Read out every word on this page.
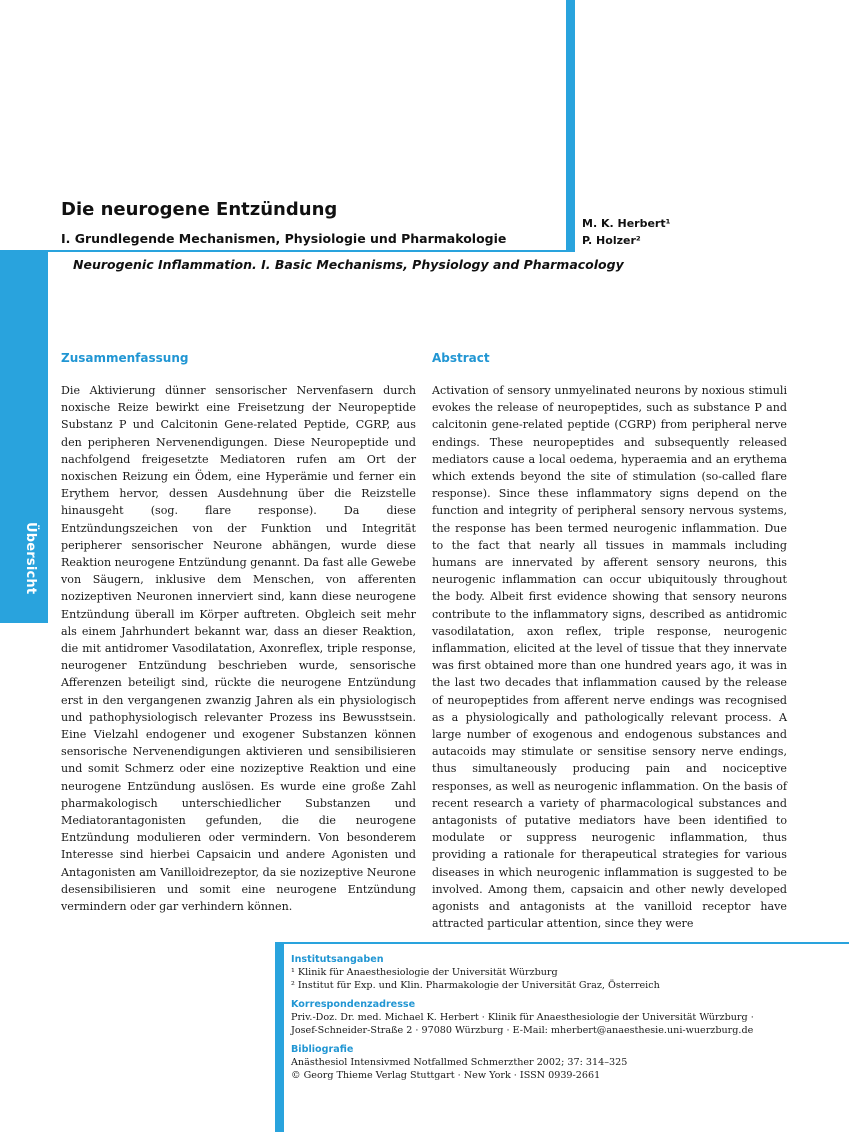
Übersicht
314
Die neurogene Entzündung
I. Grundlegende Mechanismen, Physiologie und Pharmakologie
Neurogenic Inflammation. I. Basic Mechanisms, Physiology and Pharmacology
M. K. Herbert¹
P. Holzer²
Zusammenfassung

Die Aktivierung dünner sensorischer Nervenfasern durch noxische Reize bewirkt eine Freisetzung der Neuropeptide Substanz P und Calcitonin Gene-related Peptide, CGRP, aus den peripheren Nervenendigungen. Diese Neuropeptide und nachfolgend freigesetzte Mediatoren rufen am Ort der noxischen Reizung ein Ödem, eine Hyperämie und ferner ein Erythem hervor, dessen Ausdehnung über die Reizstelle hinausgeht (sog. flare response). Da diese Entzündungszeichen von der Funktion und Integrität peripherer sensorischer Neurone abhängen, wurde diese Reaktion neurogene Entzündung genannt. Da fast alle Gewebe von Säugern, inklusive dem Menschen, von afferenten nozizeptiven Neuronen innerviert sind, kann diese neurogene Entzündung überall im Körper auftreten. Obgleich seit mehr als einem Jahrhundert bekannt war, dass an dieser Reaktion, die mit antidromer Vasodilatation, Axonreflex, triple response, neurogener Entzündung beschrieben wurde, sensorische Afferenzen beteiligt sind, rückte die neurogene Entzündung erst in den vergangenen zwanzig Jahren als ein physiologisch und pathophysiologisch relevanter Prozess ins Bewusstsein. Eine Vielzahl endogener und exogener Substanzen können sensorische Nervenendigungen aktivieren und sensibilisieren und somit Schmerz oder eine nozizeptive Reaktion und eine neurogene Entzündung auslösen. Es wurde eine große Zahl pharmakologisch unterschiedlicher Substanzen und Mediatorantagonisten gefunden, die die neurogene Entzündung modulieren oder vermindern. Von besonderem Interesse sind hierbei Capsaicin und andere Agonisten und Antagonisten am Vanilloidrezeptor, da sie nozizeptive Neurone desensibilisieren und somit eine neurogene Entzündung vermindern oder gar verhindern können.

Abstract

Activation of sensory unmyelinated neurons by noxious stimuli evokes the release of neuropeptides, such as substance P and calcitonin gene-related peptide (CGRP) from peripheral nerve endings. These neuropeptides and subsequently released mediators cause a local oedema, hyperaemia and an erythema which extends beyond the site of stimulation (so-called flare response). Since these inflammatory signs depend on the function and integrity of peripheral sensory nervous systems, the response has been termed neurogenic inflammation. Due to the fact that nearly all tissues in mammals including humans are innervated by afferent sensory neurons, this neurogenic inflammation can occur ubiquitously throughout the body. Albeit first evidence showing that sensory neurons contribute to the inflammatory signs, described as antidromic vasodilatation, axon reflex, triple response, neurogenic inflammation, elicited at the level of tissue that they innervate was first obtained more than one hundred years ago, it was in the last two decades that inflammation caused by the release of neuropeptides from afferent nerve endings was recognised as a physiologically and pathologically relevant process. A large number of exogenous and endogenous substances and autacoids may stimulate or sensitise sensory nerve endings, thus simultaneously producing pain and nociceptive responses, as well as neurogenic inflammation. On the basis of recent research a variety of pharmacological substances and antagonists of putative mediators have been identified to modulate or suppress neurogenic inflammation, thus providing a rationale for therapeutical strategies for various diseases in which neurogenic inflammation is suggested to be involved. Among them, capsaicin and other newly developed agonists and antagonists at the vanilloid receptor have attracted particular attention, since they were

Institutsangaben

¹ Klinik für Anaesthesiologie der Universität Würzburg

² Institut für Exp. und Klin. Pharmakologie der Universität Graz, Österreich

Korrespondenzadresse

Priv.-Doz. Dr. med. Michael K. Herbert · Klinik für Anaesthesiologie der Universität Würzburg ·

Josef-Schneider-Straße 2 · 97080 Würzburg · E-Mail: mherbert@anaesthesie.uni-wuerzburg.de

Bibliografie

Anästhesiol Intensivmed Notfallmed Schmerzther 2002; 37: 314–325

© Georg Thieme Verlag Stuttgart · New York · ISSN 0939-2661
